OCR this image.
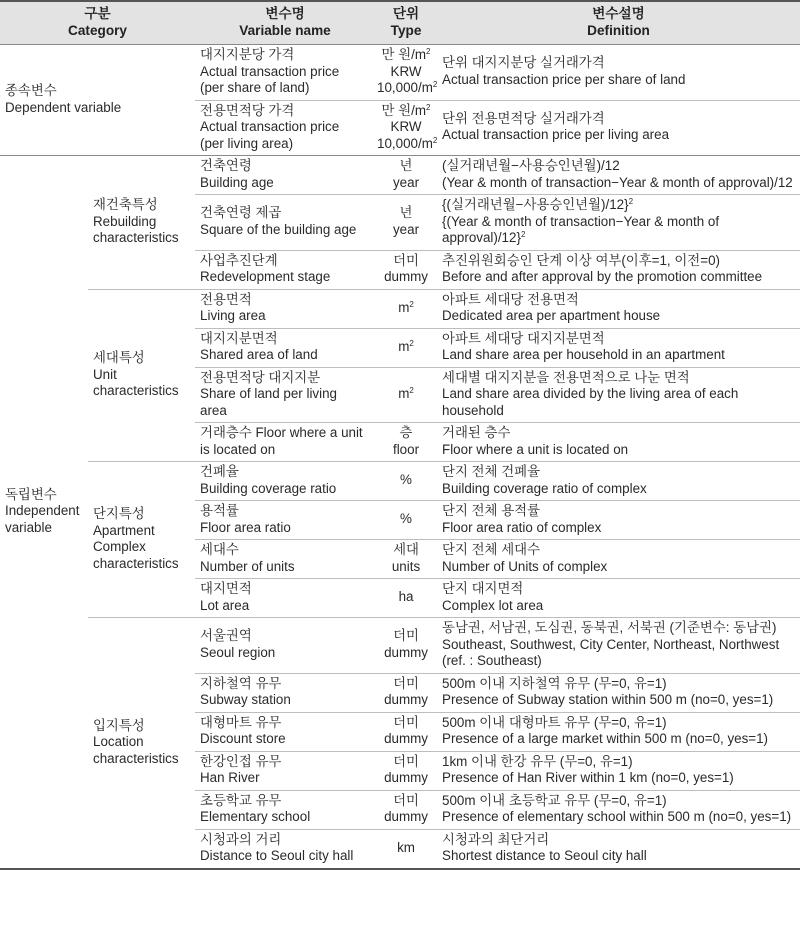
구분
Category		변수명
Variable name	단위
Type	변수설명
Definition

종속변수
Dependent variable		대지지분당 가격
Actual transaction price
(per share of land)	만 원$/m^2$
KRW
$10,000/m^2$	단위 대지지분당 실거래가격
Actual transaction price per share of land

		전용면적당 가격
Actual transaction price
(per living area)	만 원$/m^2$
KRW
$10,000/m^2$	단위 전용면적당 실거래가격
Actual transaction price per living area

독립변수
Independent
variable	재건축특성
Rebuilding
characteristics	건축연령
Building age	년
year	(실거래년월−사용승인년월)/12
(Year & month of transaction−Year & month of approval)/12

		건축연령 제곱
Square of the building age	년
year	{(실거래년월−사용승인년월)/12}$^2$
{(Year & month of transaction−Year & month of
approval)/12}$^2$

		사업추진단계
Redevelopment stage	더미
dummy	추진위원회승인 단계 이상 여부(이후=1, 이전=0)
Before and after approval by the promotion committee

	세대특성
Unit
characteristics	전용면적
Living area	$m^2$	아파트 세대당 전용면적
Dedicated area per apartment house

		대지지분면적
Shared area of land	$m^2$	아파트 세대당 대지지분면적
Land share area per household in an apartment

		전용면적당 대지지분
Share of land per living
area	$m^2$	세대별 대지지분을 전용면적으로 나눈 면적
Land share area divided by the living area of each
household

		거래층수 Floor where a unit
is located on	층
floor	거래된 층수
Floor where a unit is located on

	단지특성
Apartment
Complex
characteristics	건폐율
Building coverage ratio	%	단지 전체 건폐율
Building coverage ratio of complex

		용적률
Floor area ratio	%	단지 전체 용적률
Floor area ratio of complex

		세대수
Number of units	세대
units	단지 전체 세대수
Number of Units of complex

		대지면적
Lot area	ha	단지 대지면적
Complex lot area

	입지특성
Location
characteristics	서울권역
Seoul region	더미
dummy	동남권, 서남권, 도심권, 동북권, 서북권 (기준변수: 동남권)
Southeast, Southwest, City Center, Northeast, Northwest
(ref. : Southeast)

		지하철역 유무
Subway station	더미
dummy	500m 이내 지하철역 유무 (무=0, 유=1)
Presence of Subway station within 500 m (no=0, yes=1)

		대형마트 유무
Discount store	더미
dummy	500m 이내 대형마트 유무 (무=0, 유=1)
Presence of a large market within 500 m (no=0, yes=1)

		한강인접 유무
Han River	더미
dummy	1km 이내 한강 유무 (무=0, 유=1)
Presence of Han River within 1 km (no=0, yes=1)

		초등학교 유무
Elementary school	더미
dummy	500m 이내 초등학교 유무 (무=0, 유=1)
Presence of elementary school within 500 m (no=0, yes=1)

		시청과의 거리
Distance to Seoul city hall	km	시청과의 최단거리
Shortest distance to Seoul city hall
